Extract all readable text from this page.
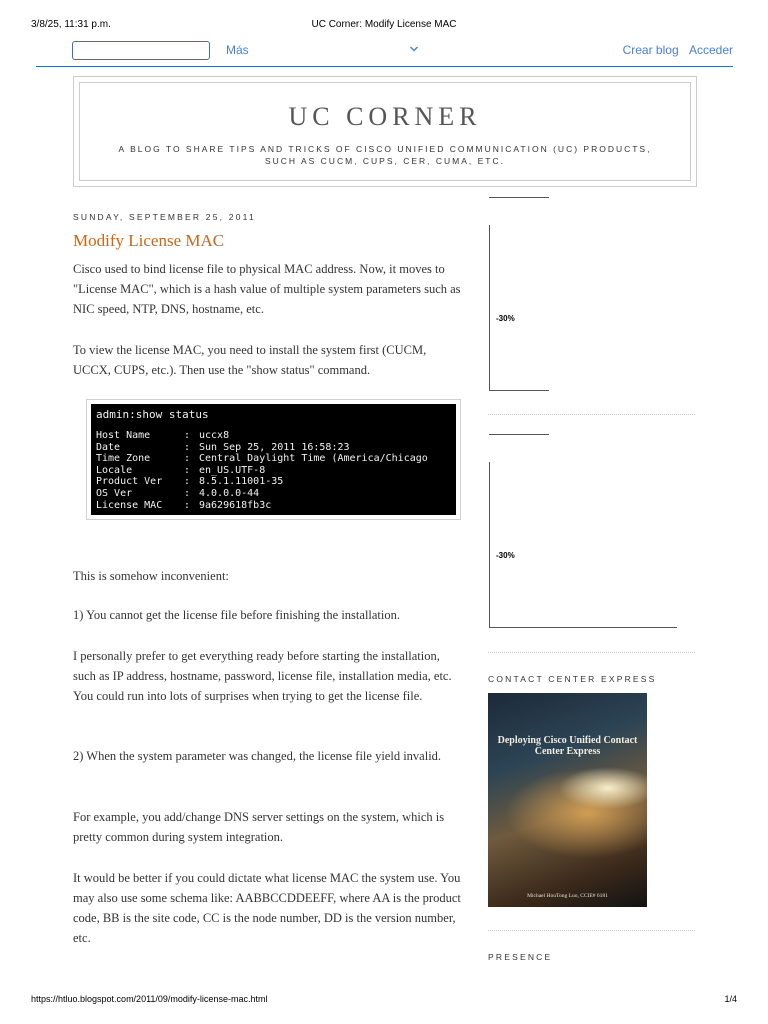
3/8/25, 11:31 p.m.	UC Corner: Modify License MAC
Más	Crear blog Acceder
UC CORNER
A BLOG TO SHARE TIPS AND TRICKS OF CISCO UNIFIED COMMUNICATION (UC) PRODUCTS, SUCH AS CUCM, CUPS, CER, CUMA, ETC.
SUNDAY, SEPTEMBER 25, 2011
Modify License MAC
Cisco used to bind license file to physical MAC address. Now, it moves to "License MAC", which is a hash value of multiple system parameters such as NIC speed, NTP, DNS, hostname, etc.
To view the license MAC, you need to install the system first (CUCM, UCCX, CUPS, etc.). Then use the "show status" command.
admin:show status
Host Name	: uccx8
Date	: Sun Sep 25, 2011 16:58:23
Time Zone	: Central Daylight Time (America/Chicago
Locale	: en_US.UTF-8
Product Ver	: 8.5.1.11001-35
OS Ver	: 4.0.0.0-44
License MAC	: 9a629618fb3c
This is somehow inconvenient:
1) You cannot get the license file before finishing the installation.
I personally prefer to get everything ready before starting the installation, such as IP address, hostname, password, license file, installation media, etc. You could run into lots of surprises when trying to get the license file.
2) When the system parameter was changed, the license file yield invalid.
For example, you add/change DNS server settings on the system, which is pretty common during system integration.
It would be better if you could dictate what license MAC the system use. You may also use some schema like: AABBCCDDEEFF, where AA is the product code, BB is the site code, CC is the node number, DD is the version number, etc.
-30%
-30%
CONTACT CENTER EXPRESS
Deploying Cisco Unified Contact Center Express
Michael HouTong Luo, CCIE# 6181
PRESENCE
https://htluo.blogspot.com/2011/09/modify-license-mac.html	1/4
